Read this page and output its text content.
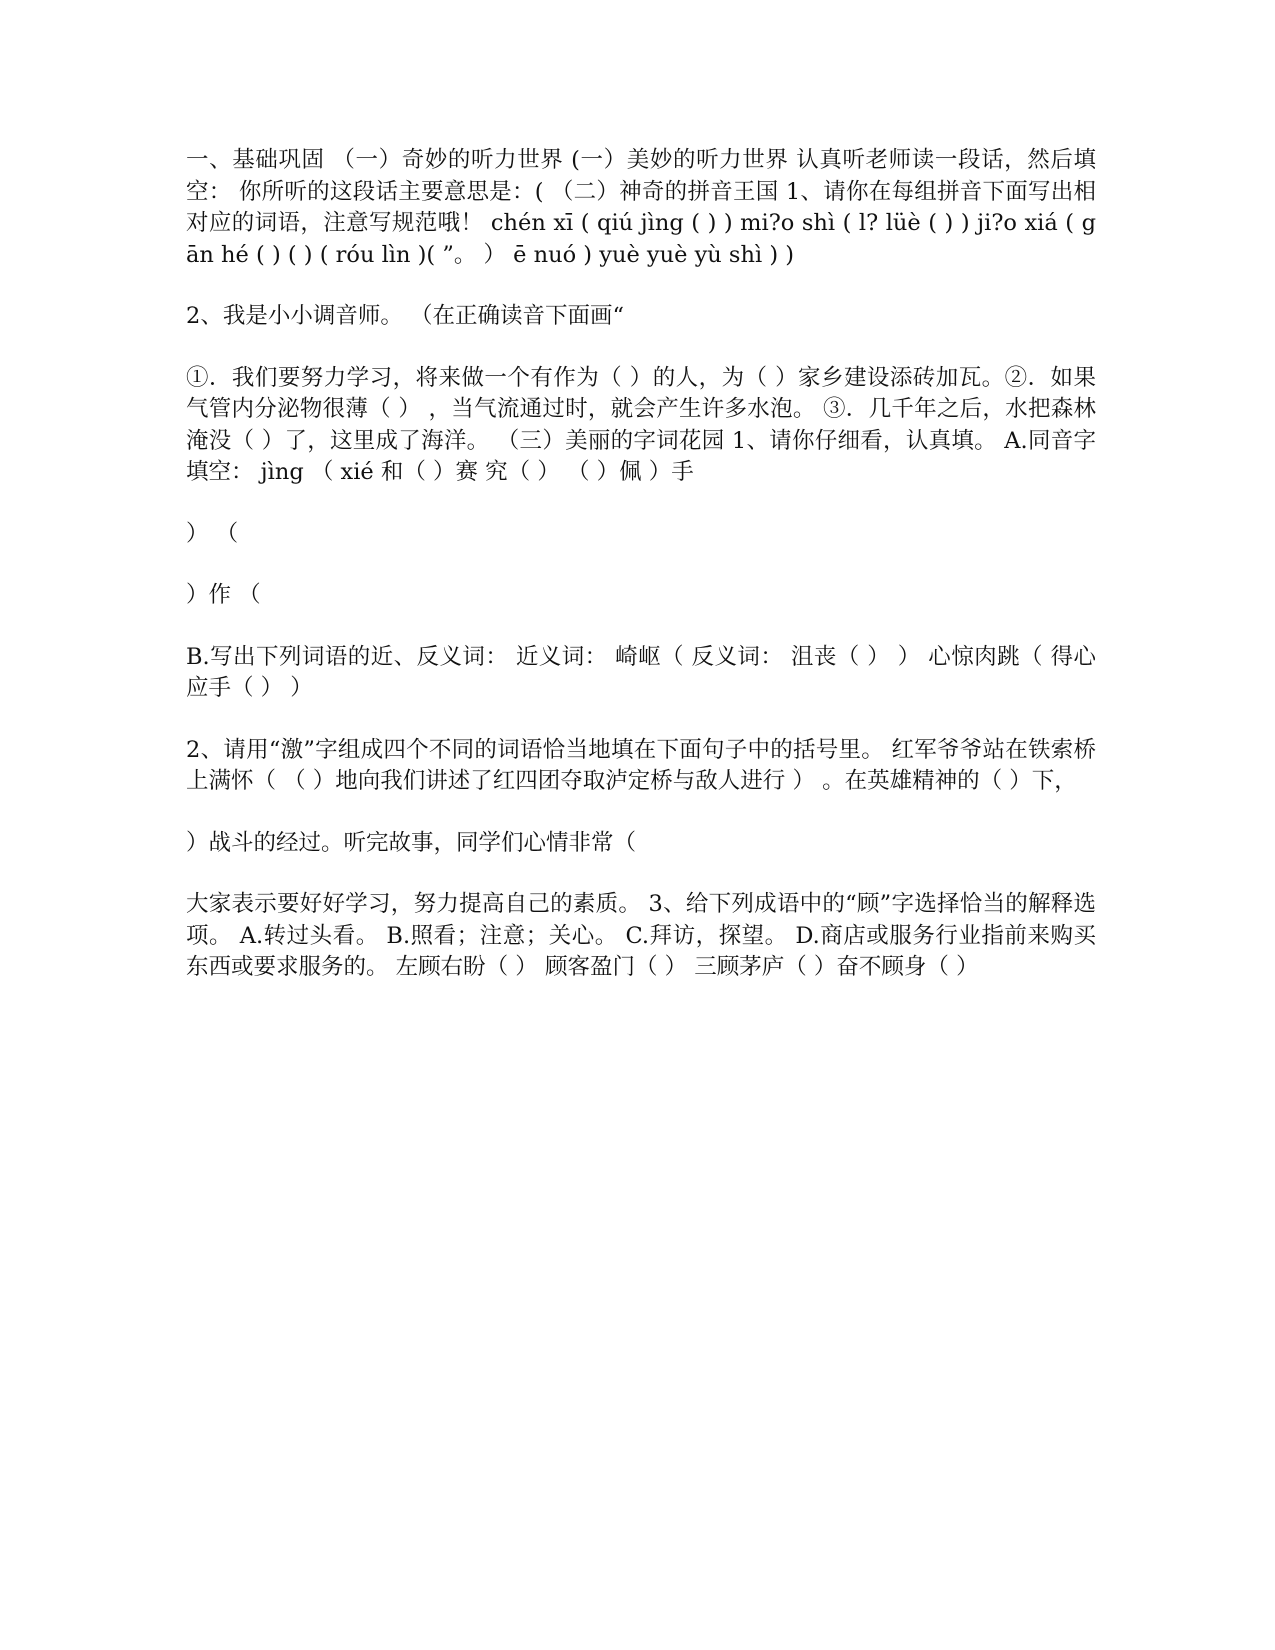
一、基础巩固 （一）奇妙的听力世界 (一）美妙的听力世界 认真听老师读一段话，然后填空： 你所听的这段话主要意思是：( （二）神奇的拼音王国 1、请你在每组拼音下面写出相对应的词语，注意写规范哦！ chén xī ( qiú jìng ( ) ) mi?o shì ( l? lüè ( ) ) ji?o xiá ( g ān hé ( ) ( ) ( róu lìn )( ”。 ） ē nuó ) yuè yuè yù shì ) )

2、我是小小调音师。 （在正确读音下面画“

①．我们要努力学习，将来做一个有作为（ ）的人，为（ ）家乡建设添砖加瓦。②．如果气管内分泌物很薄（ ） ，当气流通过时，就会产生许多水泡。 ③．几千年之后，水把森林淹没（ ）了，这里成了海洋。 （三）美丽的字词花园 1、请你仔细看，认真填。 A.同音字填空： jìng （ xié 和（ ）赛 究（ ） （ ）佩 ）手

） （

）作 （

B.写出下列词语的近、反义词： 近义词： 崎岖（ 反义词： 沮丧（ ） ） 心惊肉跳（ 得心应手（ ） ）

2、请用“激”字组成四个不同的词语恰当地填在下面句子中的括号里。 红军爷爷站在铁索桥上满怀（ （ ）地向我们讲述了红四团夺取泸定桥与敌人进行 ） 。在英雄精神的（ ）下，

）战斗的经过。听完故事，同学们心情非常（

大家表示要好好学习，努力提高自己的素质。 3、给下列成语中的“顾”字选择恰当的解释选项。 A.转过头看。 B.照看；注意；关心。 C.拜访，探望。 D.商店或服务行业指前来购买东西或要求服务的。 左顾右盼（ ） 顾客盈门（ ） 三顾茅庐（ ）奋不顾身（ ）
